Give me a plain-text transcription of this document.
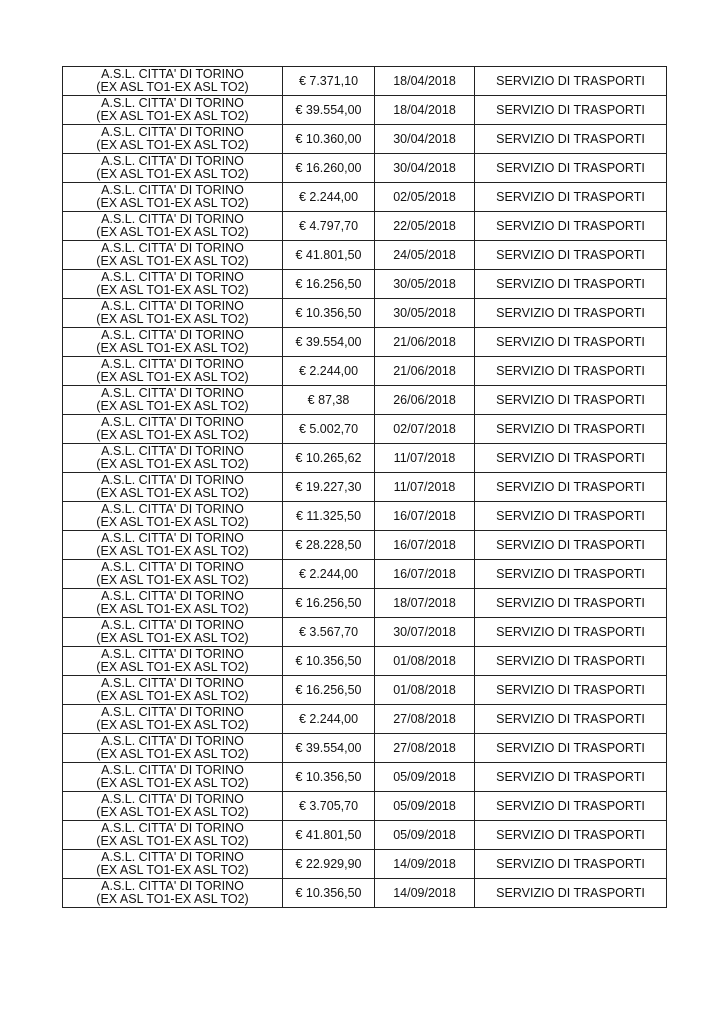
A.S.L. CITTA' DI TORINO
(EX ASL TO1-EX ASL TO2)	€ 7.371,10	18/04/2018	SERVIZIO DI TRASPORTI

A.S.L. CITTA' DI TORINO
(EX ASL TO1-EX ASL TO2)	€ 39.554,00	18/04/2018	SERVIZIO DI TRASPORTI

A.S.L. CITTA' DI TORINO
(EX ASL TO1-EX ASL TO2)	€ 10.360,00	30/04/2018	SERVIZIO DI TRASPORTI

A.S.L. CITTA' DI TORINO
(EX ASL TO1-EX ASL TO2)	€ 16.260,00	30/04/2018	SERVIZIO DI TRASPORTI

A.S.L. CITTA' DI TORINO
(EX ASL TO1-EX ASL TO2)	€ 2.244,00	02/05/2018	SERVIZIO DI TRASPORTI

A.S.L. CITTA' DI TORINO
(EX ASL TO1-EX ASL TO2)	€ 4.797,70	22/05/2018	SERVIZIO DI TRASPORTI

A.S.L. CITTA' DI TORINO
(EX ASL TO1-EX ASL TO2)	€ 41.801,50	24/05/2018	SERVIZIO DI TRASPORTI

A.S.L. CITTA' DI TORINO
(EX ASL TO1-EX ASL TO2)	€ 16.256,50	30/05/2018	SERVIZIO DI TRASPORTI

A.S.L. CITTA' DI TORINO
(EX ASL TO1-EX ASL TO2)	€ 10.356,50	30/05/2018	SERVIZIO DI TRASPORTI

A.S.L. CITTA' DI TORINO
(EX ASL TO1-EX ASL TO2)	€ 39.554,00	21/06/2018	SERVIZIO DI TRASPORTI

A.S.L. CITTA' DI TORINO
(EX ASL TO1-EX ASL TO2)	€ 2.244,00	21/06/2018	SERVIZIO DI TRASPORTI

A.S.L. CITTA' DI TORINO
(EX ASL TO1-EX ASL TO2)	€ 87,38	26/06/2018	SERVIZIO DI TRASPORTI

A.S.L. CITTA' DI TORINO
(EX ASL TO1-EX ASL TO2)	€ 5.002,70	02/07/2018	SERVIZIO DI TRASPORTI

A.S.L. CITTA' DI TORINO
(EX ASL TO1-EX ASL TO2)	€ 10.265,62	11/07/2018	SERVIZIO DI TRASPORTI

A.S.L. CITTA' DI TORINO
(EX ASL TO1-EX ASL TO2)	€ 19.227,30	11/07/2018	SERVIZIO DI TRASPORTI

A.S.L. CITTA' DI TORINO
(EX ASL TO1-EX ASL TO2)	€ 11.325,50	16/07/2018	SERVIZIO DI TRASPORTI

A.S.L. CITTA' DI TORINO
(EX ASL TO1-EX ASL TO2)	€ 28.228,50	16/07/2018	SERVIZIO DI TRASPORTI

A.S.L. CITTA' DI TORINO
(EX ASL TO1-EX ASL TO2)	€ 2.244,00	16/07/2018	SERVIZIO DI TRASPORTI

A.S.L. CITTA' DI TORINO
(EX ASL TO1-EX ASL TO2)	€ 16.256,50	18/07/2018	SERVIZIO DI TRASPORTI

A.S.L. CITTA' DI TORINO
(EX ASL TO1-EX ASL TO2)	€ 3.567,70	30/07/2018	SERVIZIO DI TRASPORTI

A.S.L. CITTA' DI TORINO
(EX ASL TO1-EX ASL TO2)	€ 10.356,50	01/08/2018	SERVIZIO DI TRASPORTI

A.S.L. CITTA' DI TORINO
(EX ASL TO1-EX ASL TO2)	€ 16.256,50	01/08/2018	SERVIZIO DI TRASPORTI

A.S.L. CITTA' DI TORINO
(EX ASL TO1-EX ASL TO2)	€ 2.244,00	27/08/2018	SERVIZIO DI TRASPORTI

A.S.L. CITTA' DI TORINO
(EX ASL TO1-EX ASL TO2)	€ 39.554,00	27/08/2018	SERVIZIO DI TRASPORTI

A.S.L. CITTA' DI TORINO
(EX ASL TO1-EX ASL TO2)	€ 10.356,50	05/09/2018	SERVIZIO DI TRASPORTI

A.S.L. CITTA' DI TORINO
(EX ASL TO1-EX ASL TO2)	€ 3.705,70	05/09/2018	SERVIZIO DI TRASPORTI

A.S.L. CITTA' DI TORINO
(EX ASL TO1-EX ASL TO2)	€ 41.801,50	05/09/2018	SERVIZIO DI TRASPORTI

A.S.L. CITTA' DI TORINO
(EX ASL TO1-EX ASL TO2)	€ 22.929,90	14/09/2018	SERVIZIO DI TRASPORTI

A.S.L. CITTA' DI TORINO
(EX ASL TO1-EX ASL TO2)	€ 10.356,50	14/09/2018	SERVIZIO DI TRASPORTI
